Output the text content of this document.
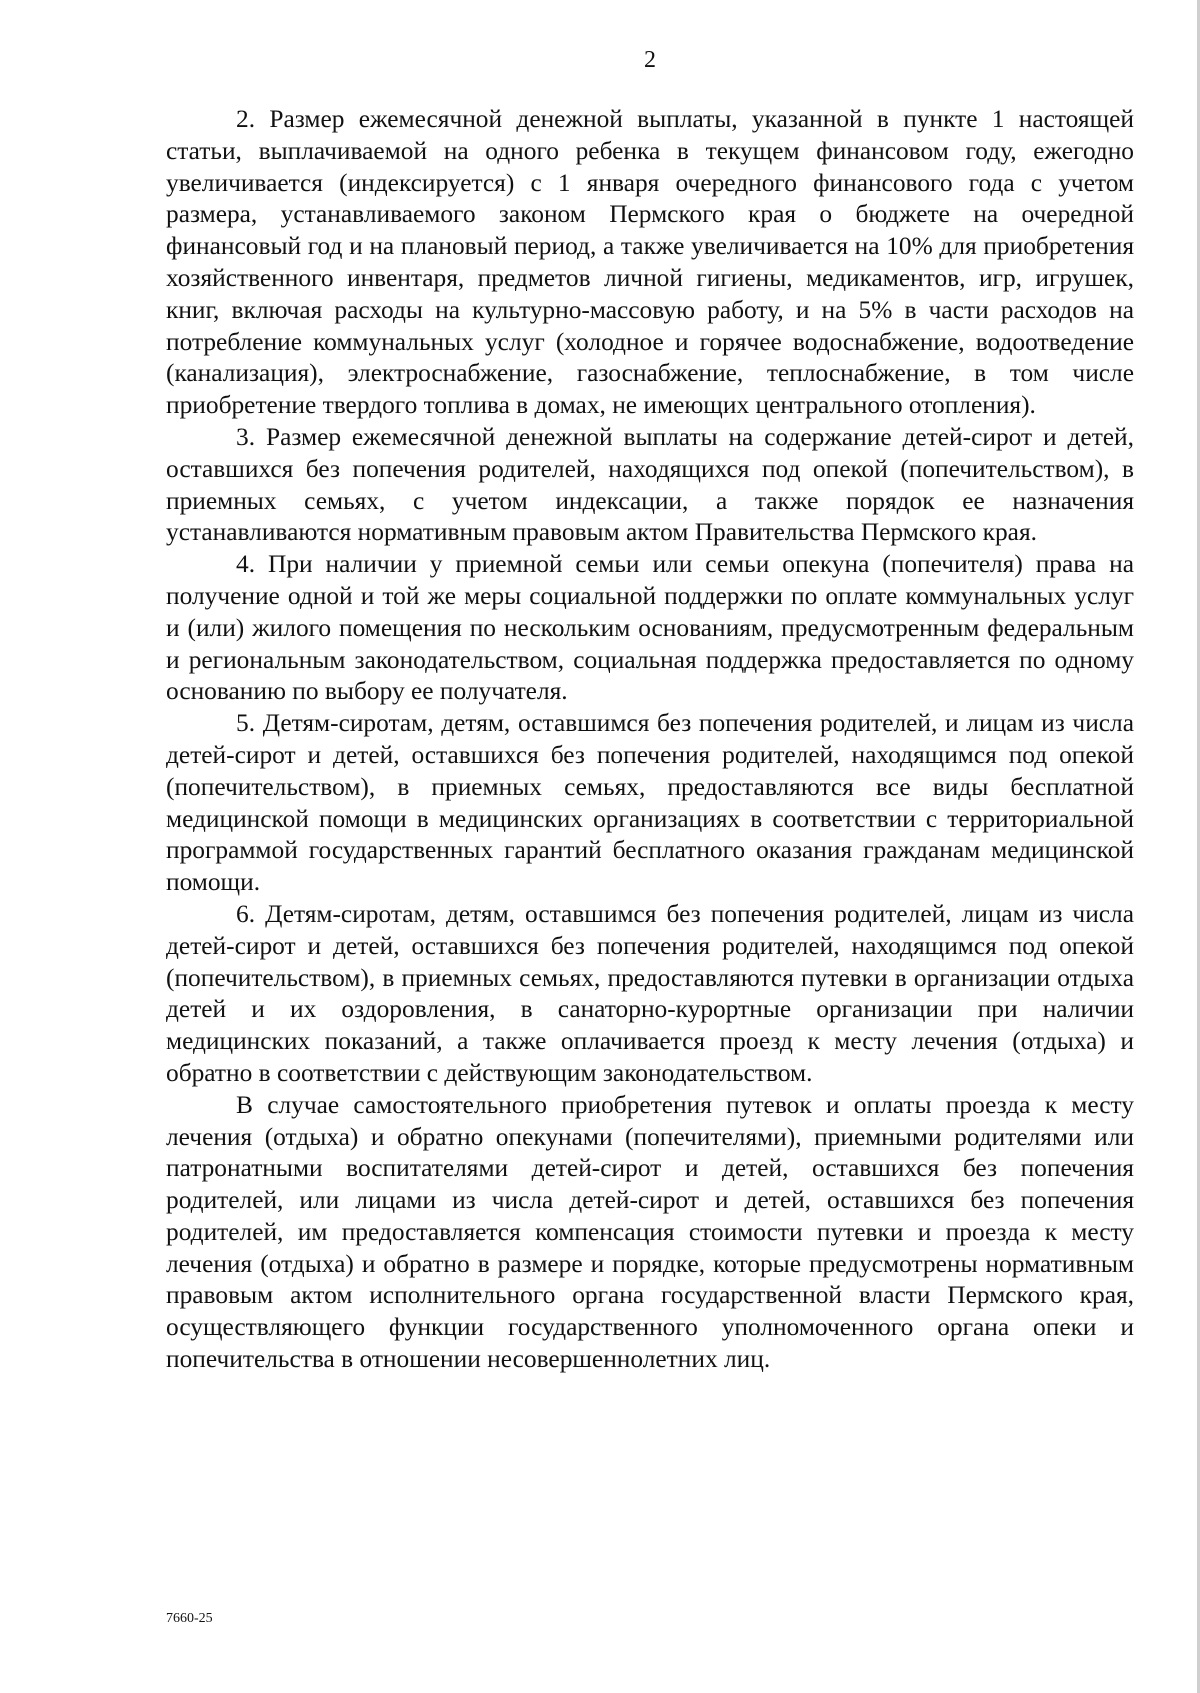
2

2. Размер ежемесячной денежной выплаты, указанной в пункте 1 настоящей статьи, выплачиваемой на одного ребенка в текущем финансовом году, ежегодно увеличивается (индексируется) с 1 января очередного финансового года с учетом размера, устанавливаемого законом Пермского края о бюджете на очередной финансовый год и на плановый период, а также увеличивается на 10% для приобретения хозяйственного инвентаря, предметов личной гигиены, медикаментов, игр, игрушек, книг, включая расходы на культурно-массовую работу, и на 5% в части расходов на потребление коммунальных услуг (холодное и горячее водоснабжение, водоотведение (канализация), электроснабжение, газоснабжение, теплоснабжение, в том числе приобретение твердого топлива в домах, не имеющих центрального отопления).

3. Размер ежемесячной денежной выплаты на содержание детей-сирот и детей, оставшихся без попечения родителей, находящихся под опекой (попечительством), в приемных семьях, с учетом индексации, а также порядок ее назначения устанавливаются нормативным правовым актом Правительства Пермского края.

4. При наличии у приемной семьи или семьи опекуна (попечителя) права на получение одной и той же меры социальной поддержки по оплате коммунальных услуг и (или) жилого помещения по нескольким основаниям, предусмотренным федеральным и региональным законодательством, социальная поддержка предоставляется по одному основанию по выбору ее получателя.

5. Детям-сиротам, детям, оставшимся без попечения родителей, и лицам из числа детей-сирот и детей, оставшихся без попечения родителей, находящимся под опекой (попечительством), в приемных семьях, предоставляются все виды бесплатной медицинской помощи в медицинских организациях в соответствии с территориальной программой государственных гарантий бесплатного оказания гражданам медицинской помощи.

6. Детям-сиротам, детям, оставшимся без попечения родителей, лицам из числа детей-сирот и детей, оставшихся без попечения родителей, находящимся под опекой (попечительством), в приемных семьях, предоставляются путевки в организации отдыха детей и их оздоровления, в санаторно-курортные организации при наличии медицинских показаний, а также оплачивается проезд к месту лечения (отдыха) и обратно в соответствии с действующим законодательством.

В случае самостоятельного приобретения путевок и оплаты проезда к месту лечения (отдыха) и обратно опекунами (попечителями), приемными родителями или патронатными воспитателями детей-сирот и детей, оставшихся без попечения родителей, или лицами из числа детей-сирот и детей, оставшихся без попечения родителей, им предоставляется компенсация стоимости путевки и проезда к месту лечения (отдыха) и обратно в размере и порядке, которые предусмотрены нормативным правовым актом исполнительного органа государственной власти Пермского края, осуществляющего функции государственного уполномоченного органа опеки и попечительства в отношении несовершеннолетних лиц.

7660-25
